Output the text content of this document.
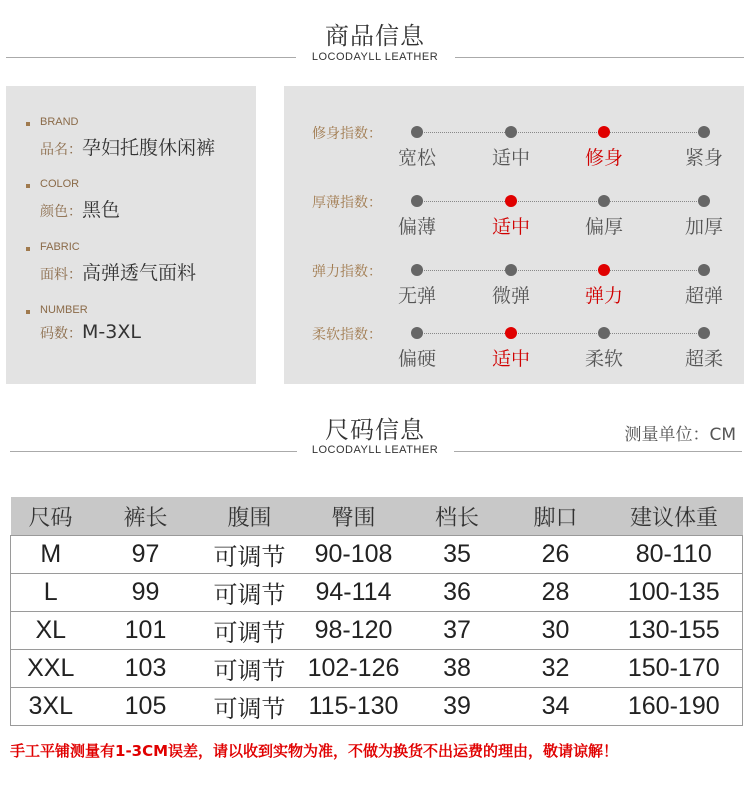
商品信息
LOCODAYLL LEATHER
BRAND
品名：孕妇托腹休闲裤
COLOR
颜色：黑色
FABRIC
面料：高弹透气面料
NUMBER
码数：M-3XL
修身指数：
宽松	适中	修身	紧身
厚薄指数：
偏薄	适中	偏厚	加厚
弹力指数：
无弹	微弹	弹力	超弹
柔软指数：
偏硬	适中	柔软	超柔
尺码信息
LOCODAYLL LEATHER
测量单位：CM
尺码	裤长	腹围	臀围	档长	脚口	建议体重
M	97	可调节	90-108	35	26	80-110
L	99	可调节	94-114	36	28	100-135
XL	101	可调节	98-120	37	30	130-155
XXL	103	可调节	102-126	38	32	150-170
3XL	105	可调节	115-130	39	34	160-190
手工平铺测量有1-3CM误差，请以收到实物为准，不做为换货不出运费的理由，敬请谅解！
